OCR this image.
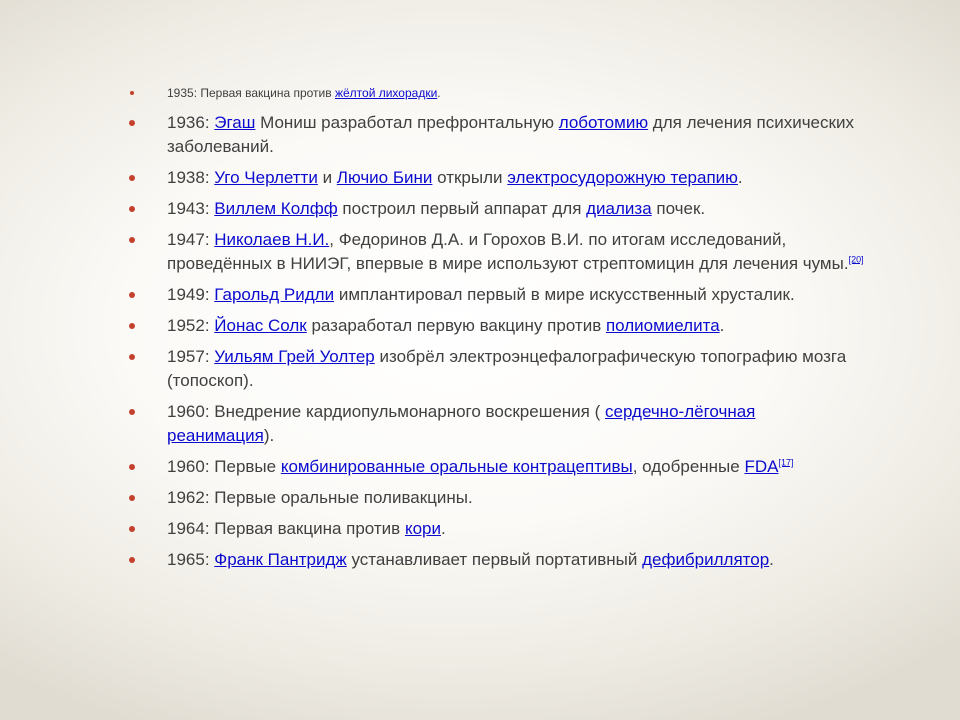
1935: Первая вакцина против жёлтой лихорадки.
1936: Эгаш Мониш разработал префронтальную лоботомию для лечения психических заболеваний.
1938: Уго Черлетти и Лючио Бини открыли электросудорожную терапию.
1943: Виллем Колфф построил первый аппарат для диализа почек.
1947: Николаев Н.И., Федоринов Д.А. и Горохов В.И. по итогам исследований, проведённых в НИИЭГ, впервые в мире используют стрептомицин для лечения чумы.[20]
1949: Гарольд Ридли имплантировал первый в мире искусственный хрусталик.
1952: Йонас Солк разаработал первую вакцину против полиомиелита.
1957: Уильям Грей Уолтер изобрёл электроэнцефалографическую топографию мозга (топоскоп).
1960: Внедрение кардиопульмонарного воскрешения ( сердечно-лёгочная реанимация).
1960: Первые комбинированные оральные контрацептивы, одобренные FDA[17]
1962: Первые оральные поливакцины.
1964: Первая вакцина против кори.
1965: Франк Пантридж устанавливает первый портативный дефибриллятор.
